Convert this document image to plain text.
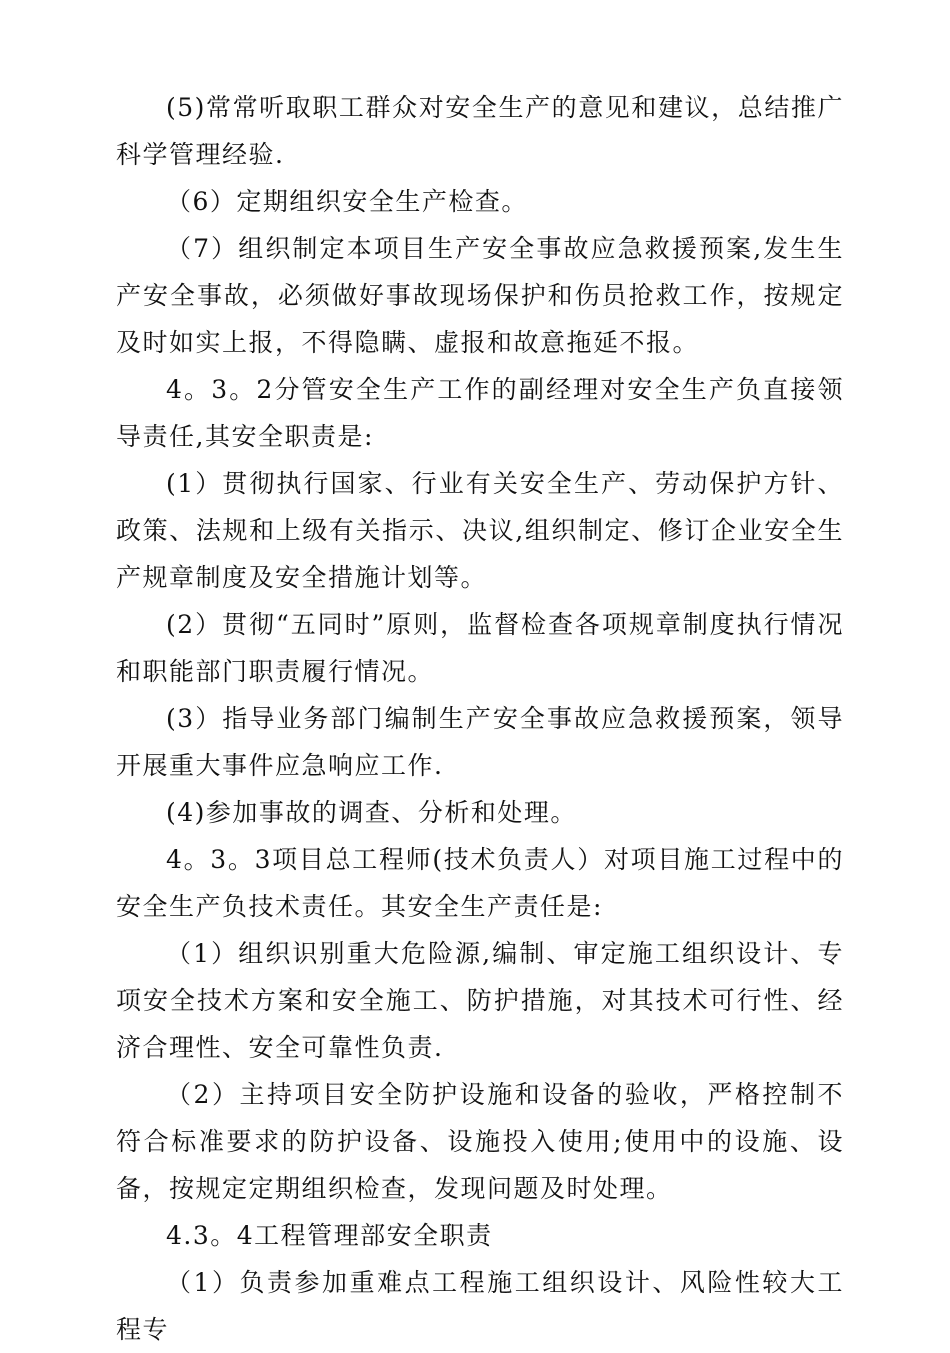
(5)常常听取职工群众对安全生产的意见和建议，总结推广科学管理经验.

（6）定期组织安全生产检查。

（7）组织制定本项目生产安全事故应急救援预案,发生生产安全事故，必须做好事故现场保护和伤员抢救工作，按规定及时如实上报，不得隐瞒、虚报和故意拖延不报。

4。3。2分管安全生产工作的副经理对安全生产负直接领导责任,其安全职责是:

(1）贯彻执行国家、行业有关安全生产、劳动保护方针、政策、法规和上级有关指示、决议,组织制定、修订企业安全生产规章制度及安全措施计划等。

(2）贯彻“五同时”原则，监督检查各项规章制度执行情况和职能部门职责履行情况。

(3）指导业务部门编制生产安全事故应急救援预案，领导开展重大事件应急响应工作.

(4)参加事故的调查、分析和处理。

4。3。3项目总工程师(技术负责人）对项目施工过程中的安全生产负技术责任。其安全生产责任是:

（1）组织识别重大危险源,编制、审定施工组织设计、专项安全技术方案和安全施工、防护措施，对其技术可行性、经济合理性、安全可靠性负责.

（2）主持项目安全防护设施和设备的验收，严格控制不符合标准要求的防护设备、设施投入使用;使用中的设施、设备，按规定定期组织检查，发现问题及时处理。

4.3。4工程管理部安全职责

（1）负责参加重难点工程施工组织设计、风险性较大工程专
